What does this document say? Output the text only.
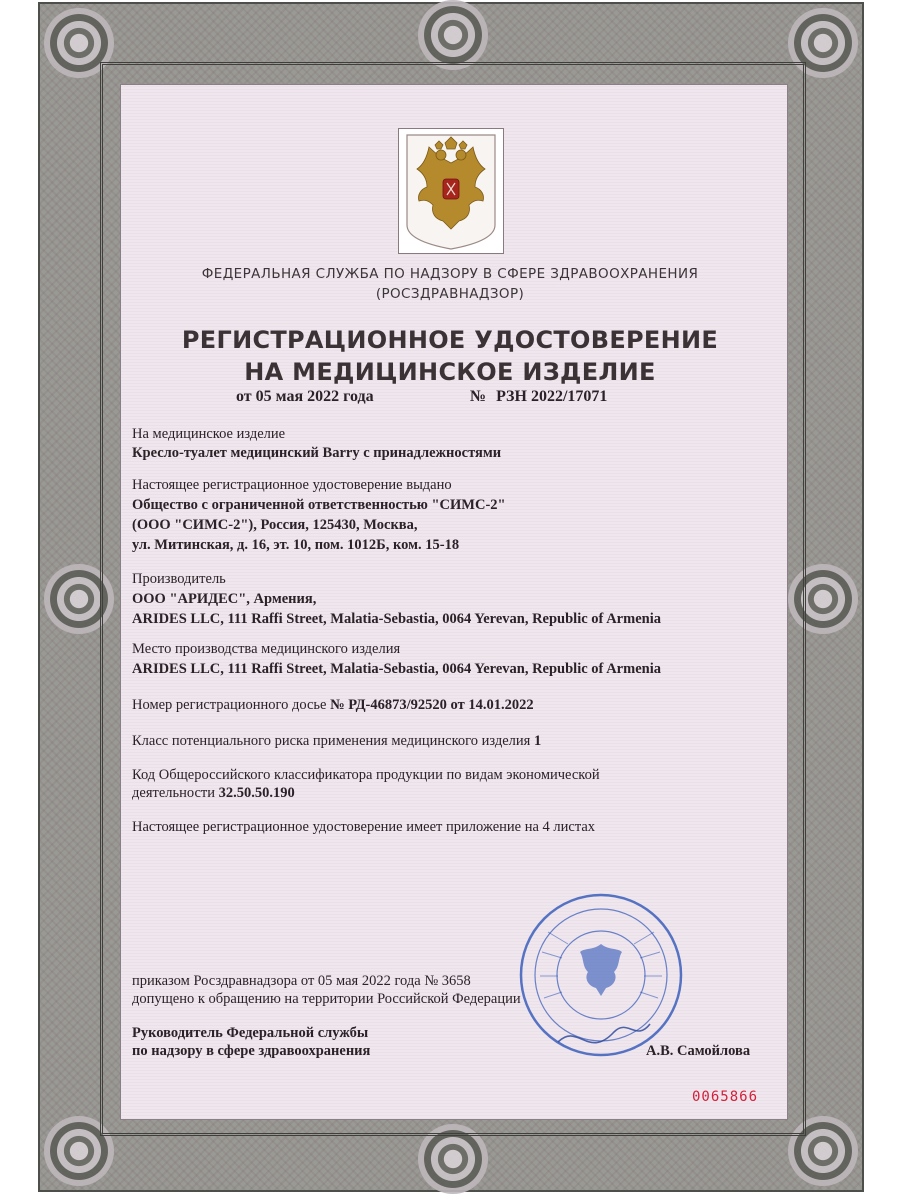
ФЕДЕРАЛЬНАЯ СЛУЖБА ПО НАДЗОРУ В СФЕРЕ ЗДРАВООХРАНЕНИЯ
(РОСЗДРАВНАДЗОР)
РЕГИСТРАЦИОННОЕ УДОСТОВЕРЕНИЕ
НА МЕДИЦИНСКОЕ ИЗДЕЛИЕ
от 05 мая 2022 года	№ РЗН 2022/17071
На медицинское изделие
Кресло-туалет медицинский Barry с принадлежностями
Настоящее регистрационное удостоверение выдано
Общество с ограниченной ответственностью "СИМС-2"
(ООО "СИМС-2"), Россия, 125430, Москва,
ул. Митинская, д. 16, эт. 10, пом. 1012Б, ком. 15-18
Производитель
ООО "АРИДЕС", Армения,
ARIDES LLC, 111 Raffi Street, Malatia-Sebastia, 0064 Yerevan, Republic of Armenia
Место производства медицинского изделия
ARIDES LLC, 111 Raffi Street, Malatia-Sebastia, 0064 Yerevan, Republic of Armenia
Номер регистрационного досье № РД-46873/92520 от 14.01.2022
Класс потенциального риска применения медицинского изделия 1
Код Общероссийского классификатора продукции по видам экономической
деятельности 32.50.50.190
Настоящее регистрационное удостоверение имеет приложение на 4 листах
приказом Росздравнадзора от 05 мая 2022 года № 3658
допущено к обращению на территории Российской Федерации
Руководитель Федеральной службы
по надзору в сфере здравоохранения	А.В. Самойлова
0065866
